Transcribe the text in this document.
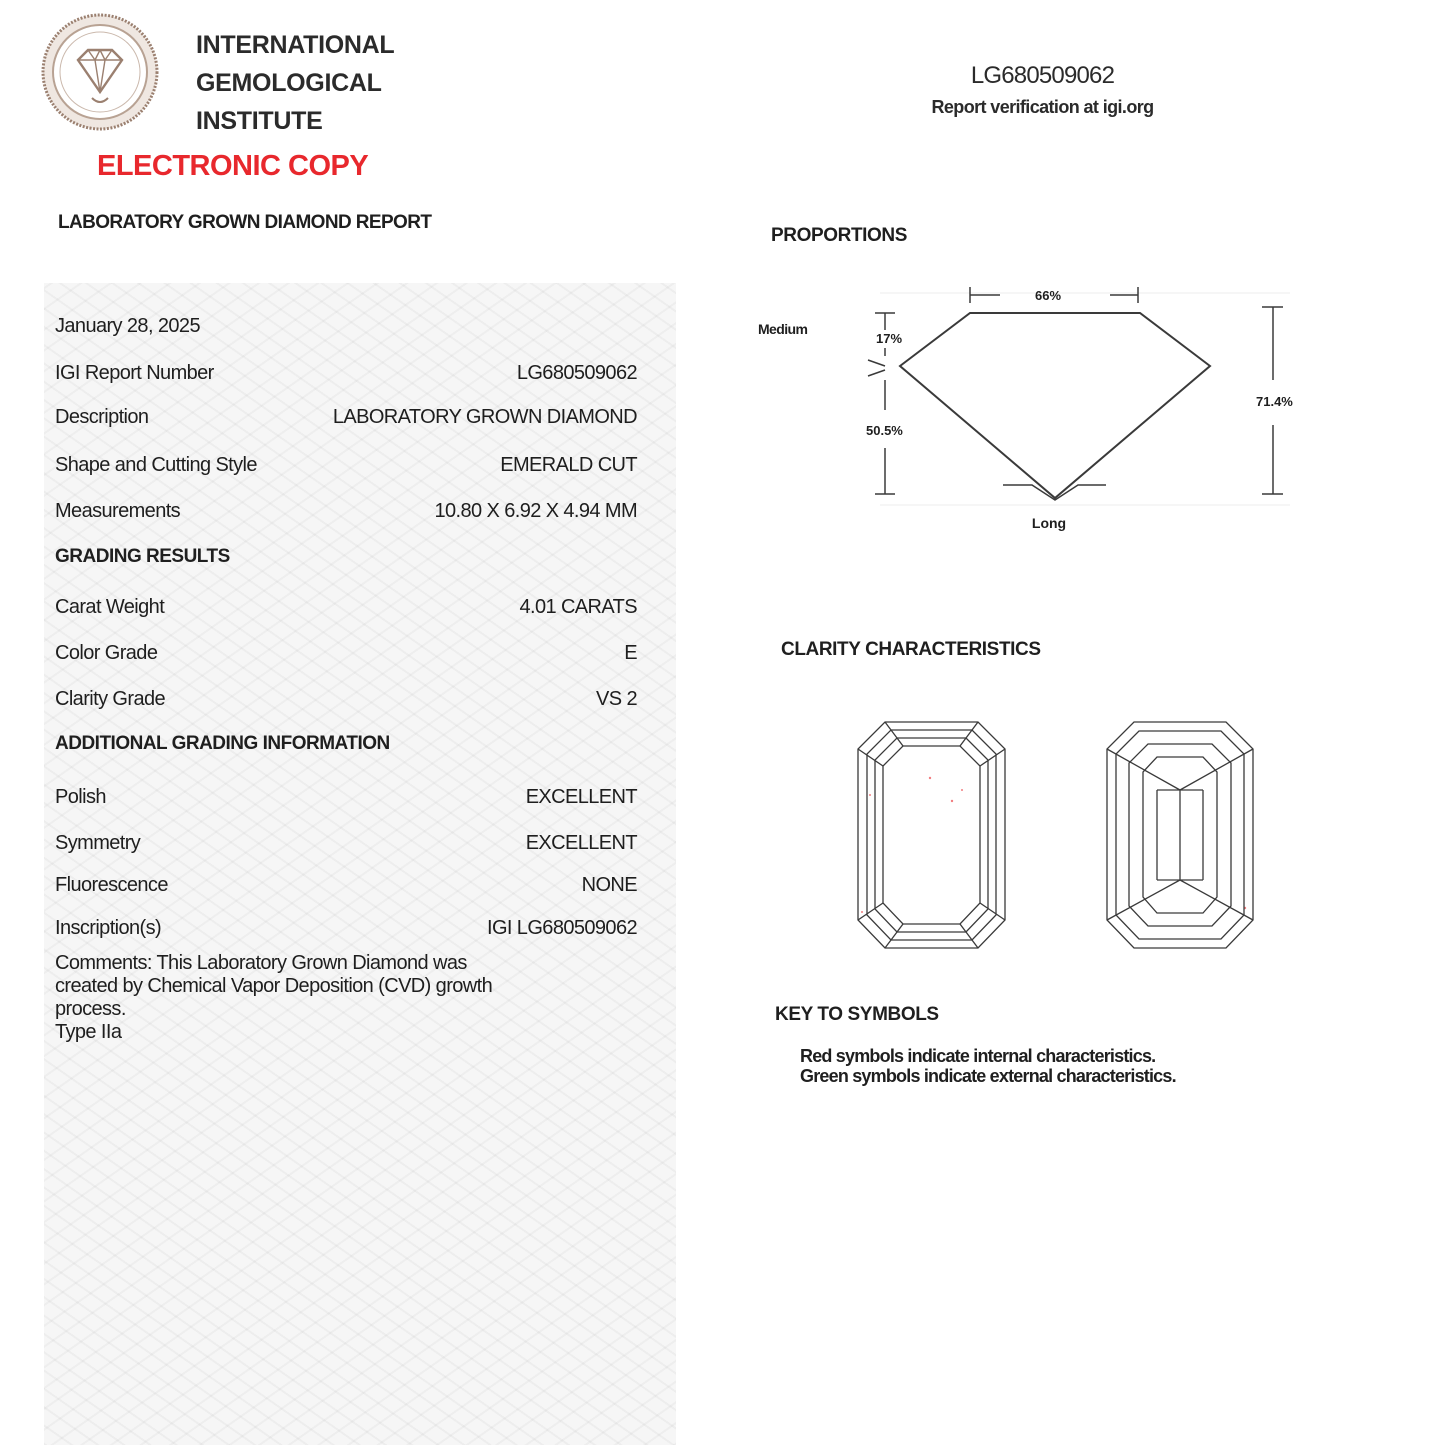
INTERNATIONAL
GEMOLOGICAL
INSTITUTE
ELECTRONIC COPY
LABORATORY GROWN DIAMOND REPORT
LG680509062
Report verification at igi.org
January 28, 2025
IGI Report Number	LG680509062
Description	LABORATORY GROWN DIAMOND
Shape and Cutting Style	EMERALD CUT
Measurements	10.80 X 6.92 X 4.94 MM
GRADING RESULTS
Carat Weight	4.01 CARATS
Color Grade	E
Clarity Grade	VS 2
ADDITIONAL GRADING INFORMATION
Polish	EXCELLENT
Symmetry	EXCELLENT
Fluorescence	NONE
Inscription(s)	IGI LG680509062
Comments: This Laboratory Grown Diamond was
created by Chemical Vapor Deposition (CVD) growth
process.
Type IIa
PROPORTIONS
66%
Medium
17%
50.5%
71.4%
Long
CLARITY CHARACTERISTICS
KEY TO SYMBOLS
Red symbols indicate internal characteristics.
Green symbols indicate external characteristics.
